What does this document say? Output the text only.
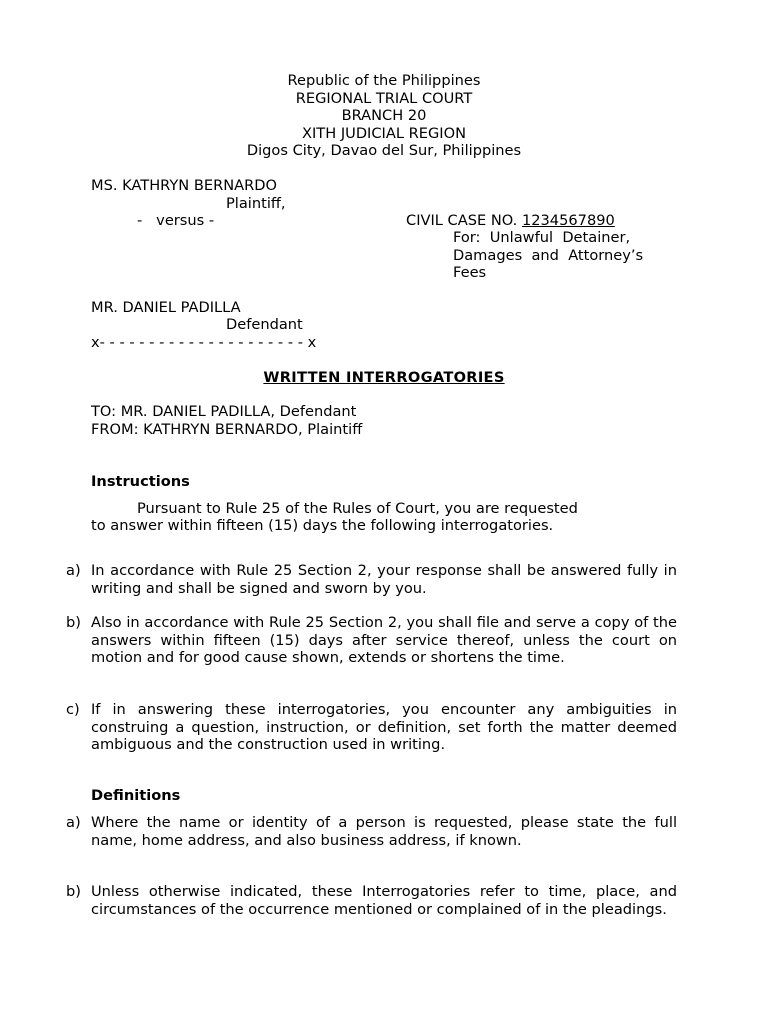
Republic of the Philippines
REGIONAL TRIAL COURT
BRANCH 20
XITH JUDICIAL REGION
Digos City, Davao del Sur, Philippines
MS. KATHRYN BERNARDO
Plaintiff,
-   versus -	CIVIL CASE NO. 1234567890
For:  Unlawful  Detainer,
Damages  and  Attorney’s
Fees
MR. DANIEL PADILLA
Defendant
x- - - - - - - - - - - - - - - - - - - - - x
WRITTEN INTERROGATORIES
TO: MR. DANIEL PADILLA, Defendant
FROM: KATHRYN BERNARDO, Plaintiff
Instructions
Pursuant to Rule 25 of the Rules of Court, you are requested
to answer within fifteen (15) days the following interrogatories.
a) In accordance with Rule 25 Section 2, your response shall be answered fully in writing and shall be signed and sworn by you.
b) Also in accordance with Rule 25 Section 2, you shall file and serve a copy of the answers within fifteen (15) days after service thereof, unless the court on motion and for good cause shown, extends or shortens the time.
c) If in answering these interrogatories, you encounter any ambiguities in construing a question, instruction, or definition, set forth the matter deemed ambiguous and the construction used in writing.
Definitions
a) Where the name or identity of a person is requested, please state the full name, home address, and also business address, if known.
b) Unless otherwise indicated, these Interrogatories refer to time, place, and circumstances of the occurrence mentioned or complained of in the pleadings.
